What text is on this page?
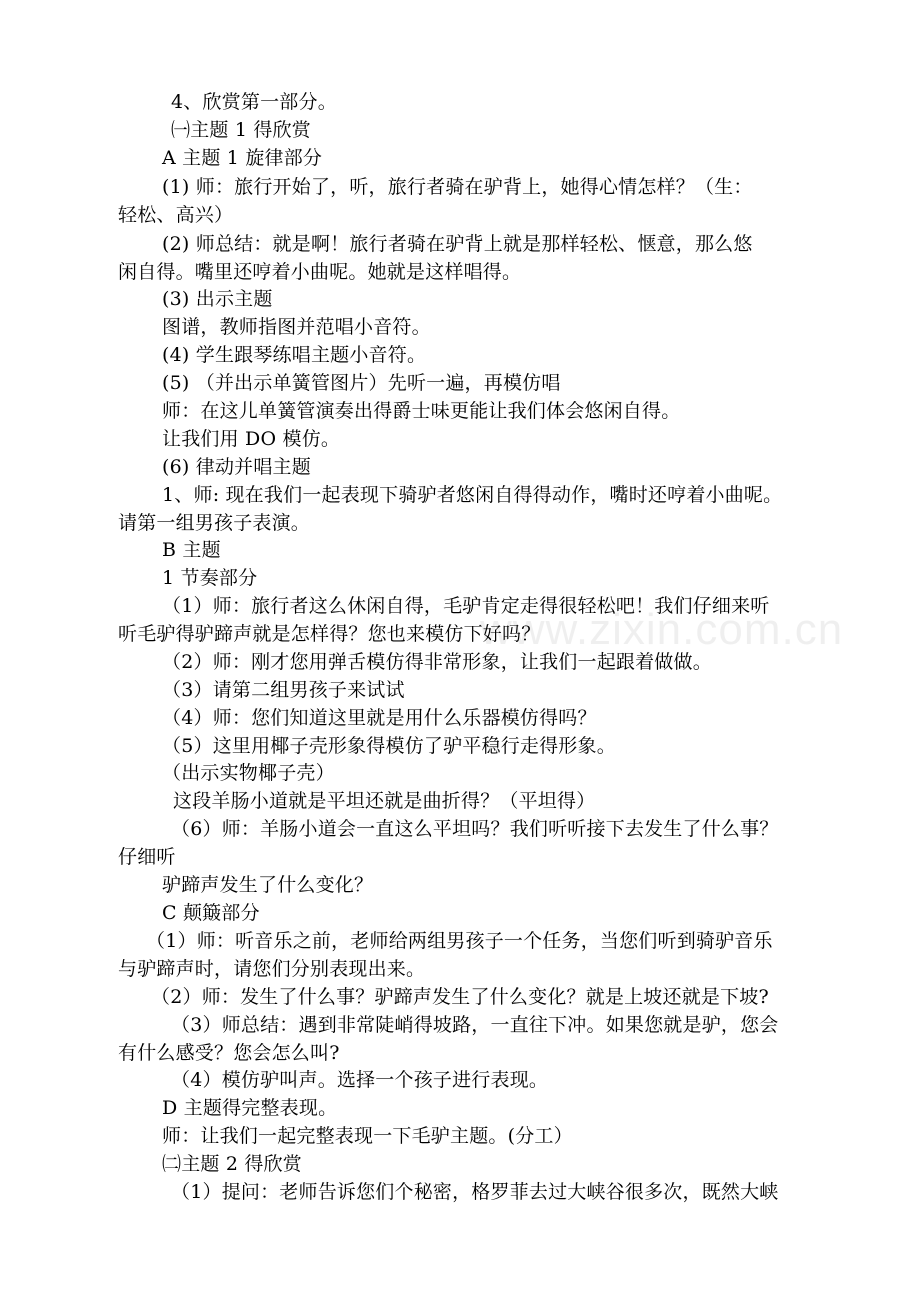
www.zixin.com.cn
4、欣赏第一部分。
㈠主题 1 得欣赏
A 主题 1 旋律部分
(1) 师：旅行开始了，听，旅行者骑在驴背上，她得心情怎样？（生：
轻松、高兴）
(2) 师总结：就是啊！旅行者骑在驴背上就是那样轻松、惬意，那么悠
闲自得。嘴里还哼着小曲呢。她就是这样唱得。
(3) 出示主题
图谱，教师指图并范唱小音符。
(4) 学生跟琴练唱主题小音符。
(5) （并出示单簧管图片）先听一遍，再模仿唱
师：在这儿单簧管演奏出得爵士味更能让我们体会悠闲自得。
让我们用 DO 模仿。
(6) 律动并唱主题
1、师: 现在我们一起表现下骑驴者悠闲自得得动作，嘴时还哼着小曲呢。
请第一组男孩子表演。
B 主题
1 节奏部分
（1）师：旅行者这么休闲自得，毛驴肯定走得很轻松吧！我们仔细来听
听毛驴得驴蹄声就是怎样得？您也来模仿下好吗？
（2）师：刚才您用弹舌模仿得非常形象，让我们一起跟着做做。
（3）请第二组男孩子来试试
（4）师：您们知道这里就是用什么乐器模仿得吗？
（5）这里用椰子壳形象得模仿了驴平稳行走得形象。
（出示实物椰子壳）
这段羊肠小道就是平坦还就是曲折得？（平坦得）
（6）师：羊肠小道会一直这么平坦吗？我们听听接下去发生了什么事？
仔细听
驴蹄声发生了什么变化？
C 颠簸部分
（1）师：听音乐之前，老师给两组男孩子一个任务，当您们听到骑驴音乐
与驴蹄声时，请您们分别表现出来。
（2）师：发生了什么事？驴蹄声发生了什么变化？就是上坡还就是下坡?
（3）师总结：遇到非常陡峭得坡路，一直往下冲。如果您就是驴，您会
有什么感受？您会怎么叫?
（4）模仿驴叫声。选择一个孩子进行表现。
D 主题得完整表现。
师：让我们一起完整表现一下毛驴主题。(分工）
㈡主题 2 得欣赏
（1）提问：老师告诉您们个秘密，格罗菲去过大峡谷很多次，既然大峡
